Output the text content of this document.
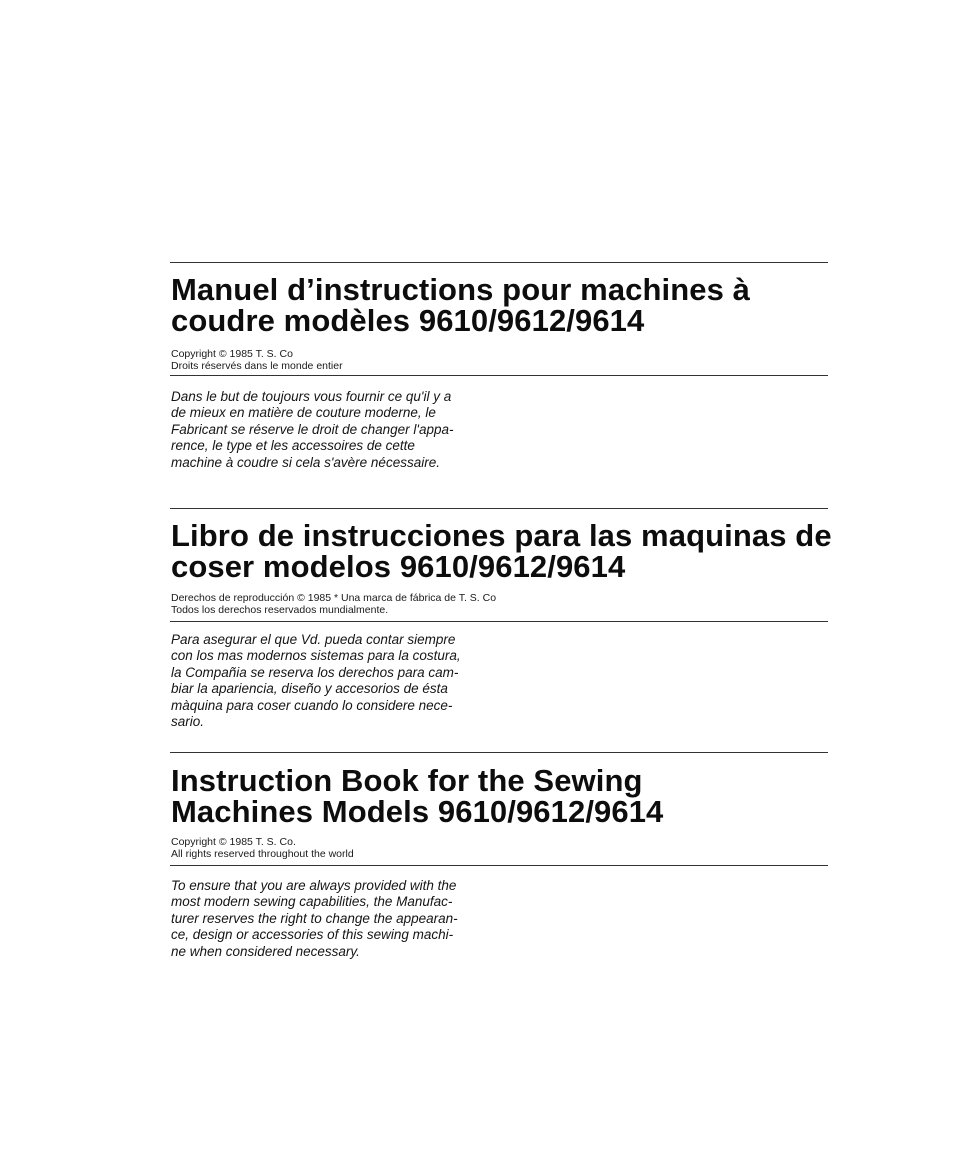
Manuel d’instructions pour machines à
coudre modèles 9610/9612/9614
Copyright © 1985 T. S. Co
Droits réservés dans le monde entier

Dans le but de toujours vous fournir ce qu'il y a
de mieux en matière de couture moderne, le
Fabricant se réserve le droit de changer l'appa-
rence, le type et les accessoires de cette
machine à coudre si cela s'avère nécessaire.

Libro de instrucciones para las maquinas de
coser modelos 9610/9612/9614
Derechos de reproducción © 1985 * Una marca de fábrica de T. S. Co
Todos los derechos reservados mundialmente.

Para asegurar el que Vd. pueda contar siempre
con los mas modernos sistemas para la costura,
la Compañia se reserva los derechos para cam-
biar la apariencia, diseño y accesorios de ésta
màquina para coser cuando lo considere nece-
sario.

Instruction Book for the Sewing
Machines Models 9610/9612/9614
Copyright © 1985 T. S. Co.
All rights reserved throughout the world

To ensure that you are always provided with the
most modern sewing capabilities, the Manufac-
turer reserves the right to change the appearan-
ce, design or accessories of this sewing machi-
ne when considered necessary.
